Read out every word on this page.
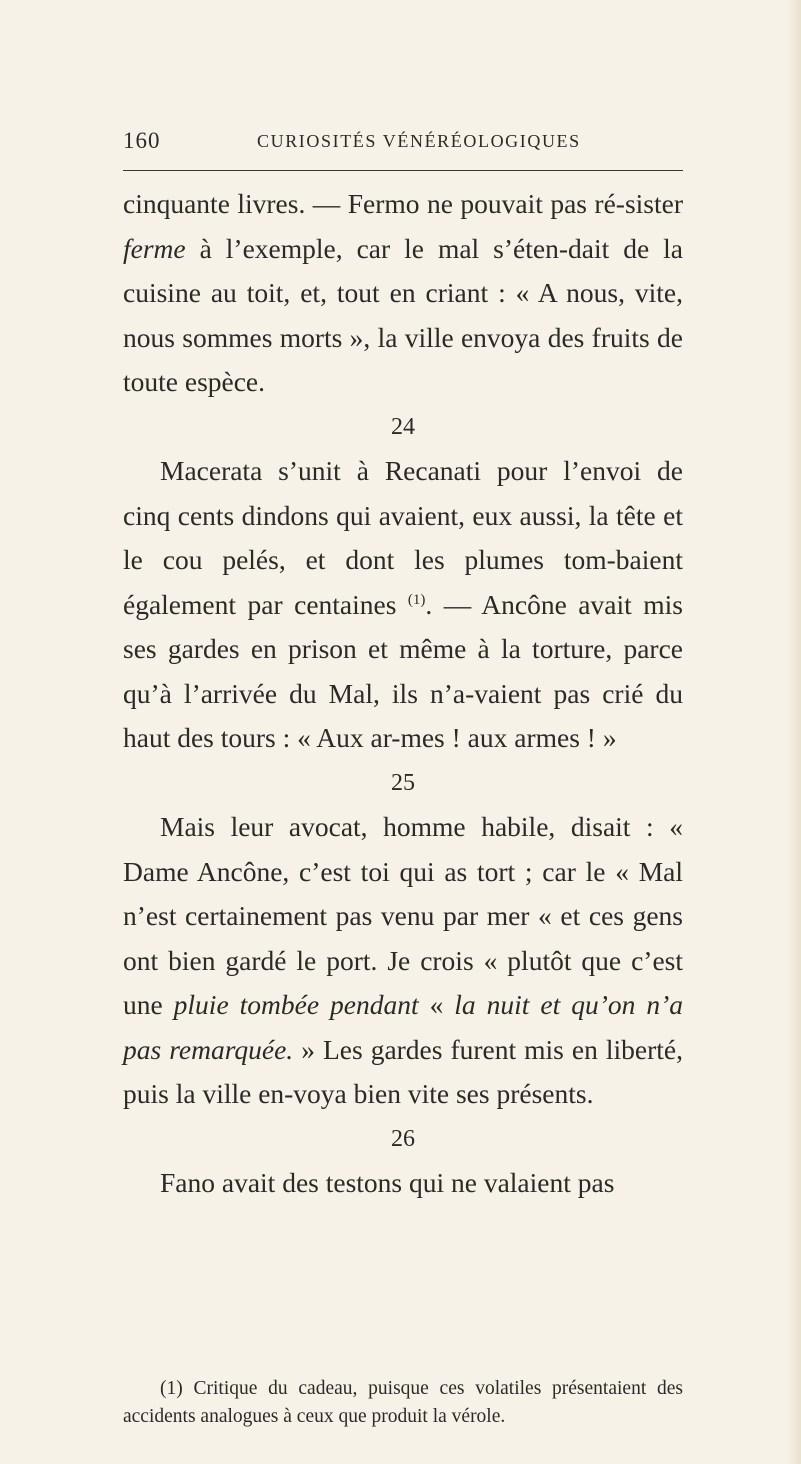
160	CURIOSITÉS VÉNÉRÉOLOGIQUES

cinquante livres. — Fermo ne pouvait pas ré-sister ferme à l’exemple, car le mal s’éten-dait de la cuisine au toit, et, tout en criant : « A nous, vite, nous sommes morts », la ville envoya des fruits de toute espèce.

24

Macerata s’unit à Recanati pour l’envoi de cinq cents dindons qui avaient, eux aussi, la tête et le cou pelés, et dont les plumes tom-baient également par centaines $^{(1)}$. — Ancône avait mis ses gardes en prison et même à la torture, parce qu’à l’arrivée du Mal, ils n’a-vaient pas crié du haut des tours : « Aux ar-mes ! aux armes ! »

25

Mais leur avocat, homme habile, disait : « Dame Ancône, c’est toi qui as tort ; car le « Mal n’est certainement pas venu par mer « et ces gens ont bien gardé le port. Je crois « plutôt que c’est une pluie tombée pendant « la nuit et qu’on n’a pas remarquée. » Les gardes furent mis en liberté, puis la ville en-voya bien vite ses présents.

26

Fano avait des testons qui ne valaient pas

(1) Critique du cadeau, puisque ces volatiles présentaient des accidents analogues à ceux que produit la vérole.
